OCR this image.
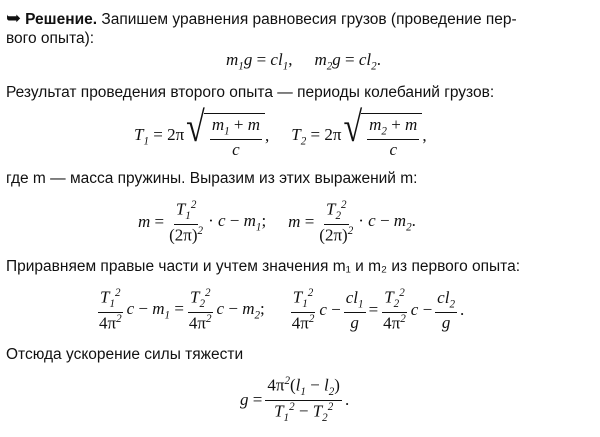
➥ Решение. Запишем уравнения равновесия грузов (проведение пер-
вого опыта):
$m_1g = cl_1$, $m_2g = cl_2$.
Результат проведения второго опыта — периоды колебаний грузов:
$T_1 = 2\pi$ √ $\frac{m_1 + m}{c}$ , $T_2 = 2\pi$ √ $\frac{m_2 + m}{c}$ ,
где m — масса пружины. Выразим из этих выражений m:
$m = \frac{T_1^2}{(2\pi)^2} \cdot c - m_1$; $m = \frac{T_2^2}{(2\pi)^2} \cdot c - m_2$.
Приравняем правые части и учтем значения m₁ и m₂ из первого опыта:
$\frac{T_1^2}{4\pi^2}$ $c - m_1 = \frac{T_2^2}{4\pi^2}$ $c - m_2$; $\frac{T_1^2}{4\pi^2}$ $c - \frac{cl_1}{g} = \frac{T_2^2}{4\pi^2}$ $c - \frac{cl_2}{g}$ .
Отсюда ускорение силы тяжести
$g = \frac{4\pi^2(l_1 - l_2)}{T_1^2 - T_2^2}$ .
